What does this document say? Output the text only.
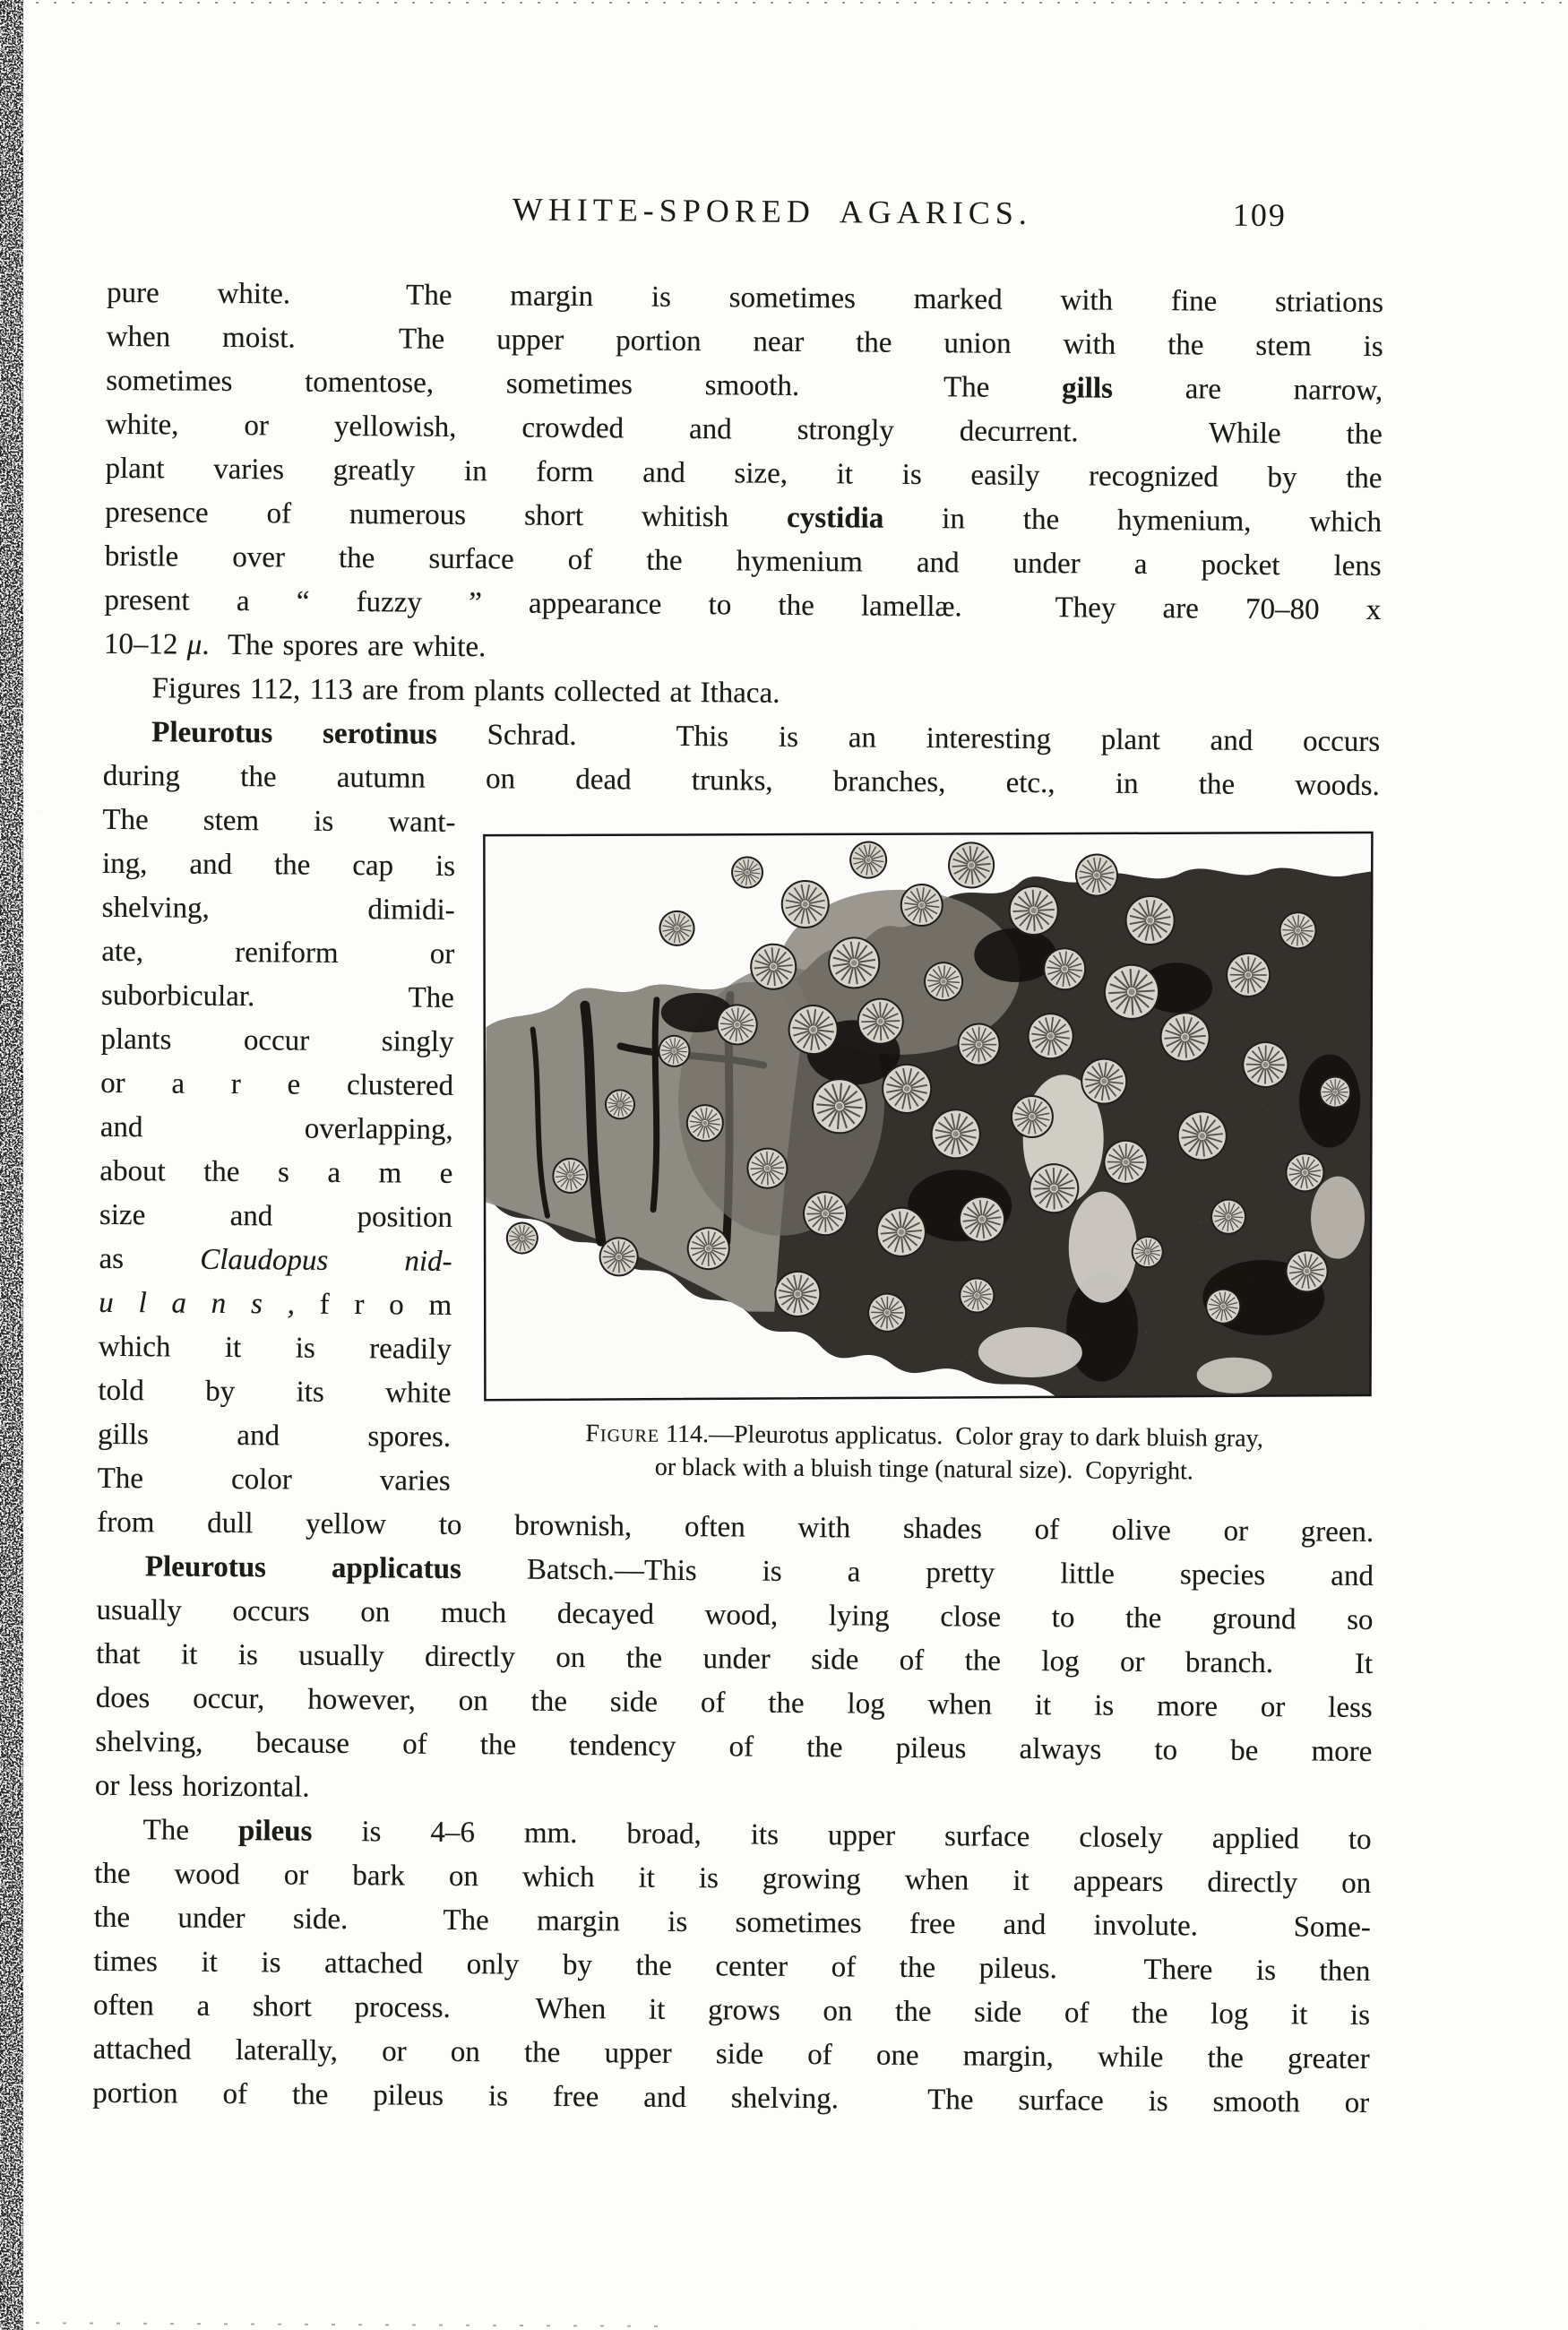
WHITE-SPORED AGARICS.	109
pure white.  The margin is sometimes marked with fine striations
when moist.  The upper portion near the union with the stem is
sometimes tomentose, sometimes smooth.  The gills are narrow,
white, or yellowish, crowded and strongly decurrent.  While the
plant varies greatly in form and size, it is easily recognized by the
presence of numerous short whitish cystidia in the hymenium, which
bristle over the surface of the hymenium and under a pocket lens
present a “ fuzzy ” appearance to the lamellæ.  They are 70–80 x
10–12 μ.  The spores are white.
Figures 112, 113 are from plants collected at Ithaca.
Pleurotus serotinus Schrad.  This is an interesting plant and occurs
during the autumn on dead trunks, branches, etc., in the woods.
Figure 114.—Pleurotus applicatus.  Color gray to dark bluish gray,
or black with a bluish tinge (natural size).  Copyright.
The stem is want-
ing, and the cap is
shelving, dimidi-
ate, reniform or
suborbicular. The
plants occur singly
or a r e clustered
and overlapping,
about the s a m e
size and position
as Claudopus nid-
u l a n s , f r o m
which it is readily
told by its white
gills and spores.
The color varies
from dull yellow to brownish, often with shades of olive or green.
Pleurotus applicatus Batsch.—This is a pretty little species and
usually occurs on much decayed wood, lying close to the ground so
that it is usually directly on the under side of the log or branch.  It
does occur, however, on the side of the log when it is more or less
shelving, because of the tendency of the pileus always to be more
or less horizontal.
The pileus is 4–6 mm. broad, its upper surface closely applied to
the wood or bark on which it is growing when it appears directly on
the under side.  The margin is sometimes free and involute.  Some-
times it is attached only by the center of the pileus.  There is then
often a short process.  When it grows on the side of the log it is
attached laterally, or on the upper side of one margin, while the greater
portion of the pileus is free and shelving.  The surface is smooth or
